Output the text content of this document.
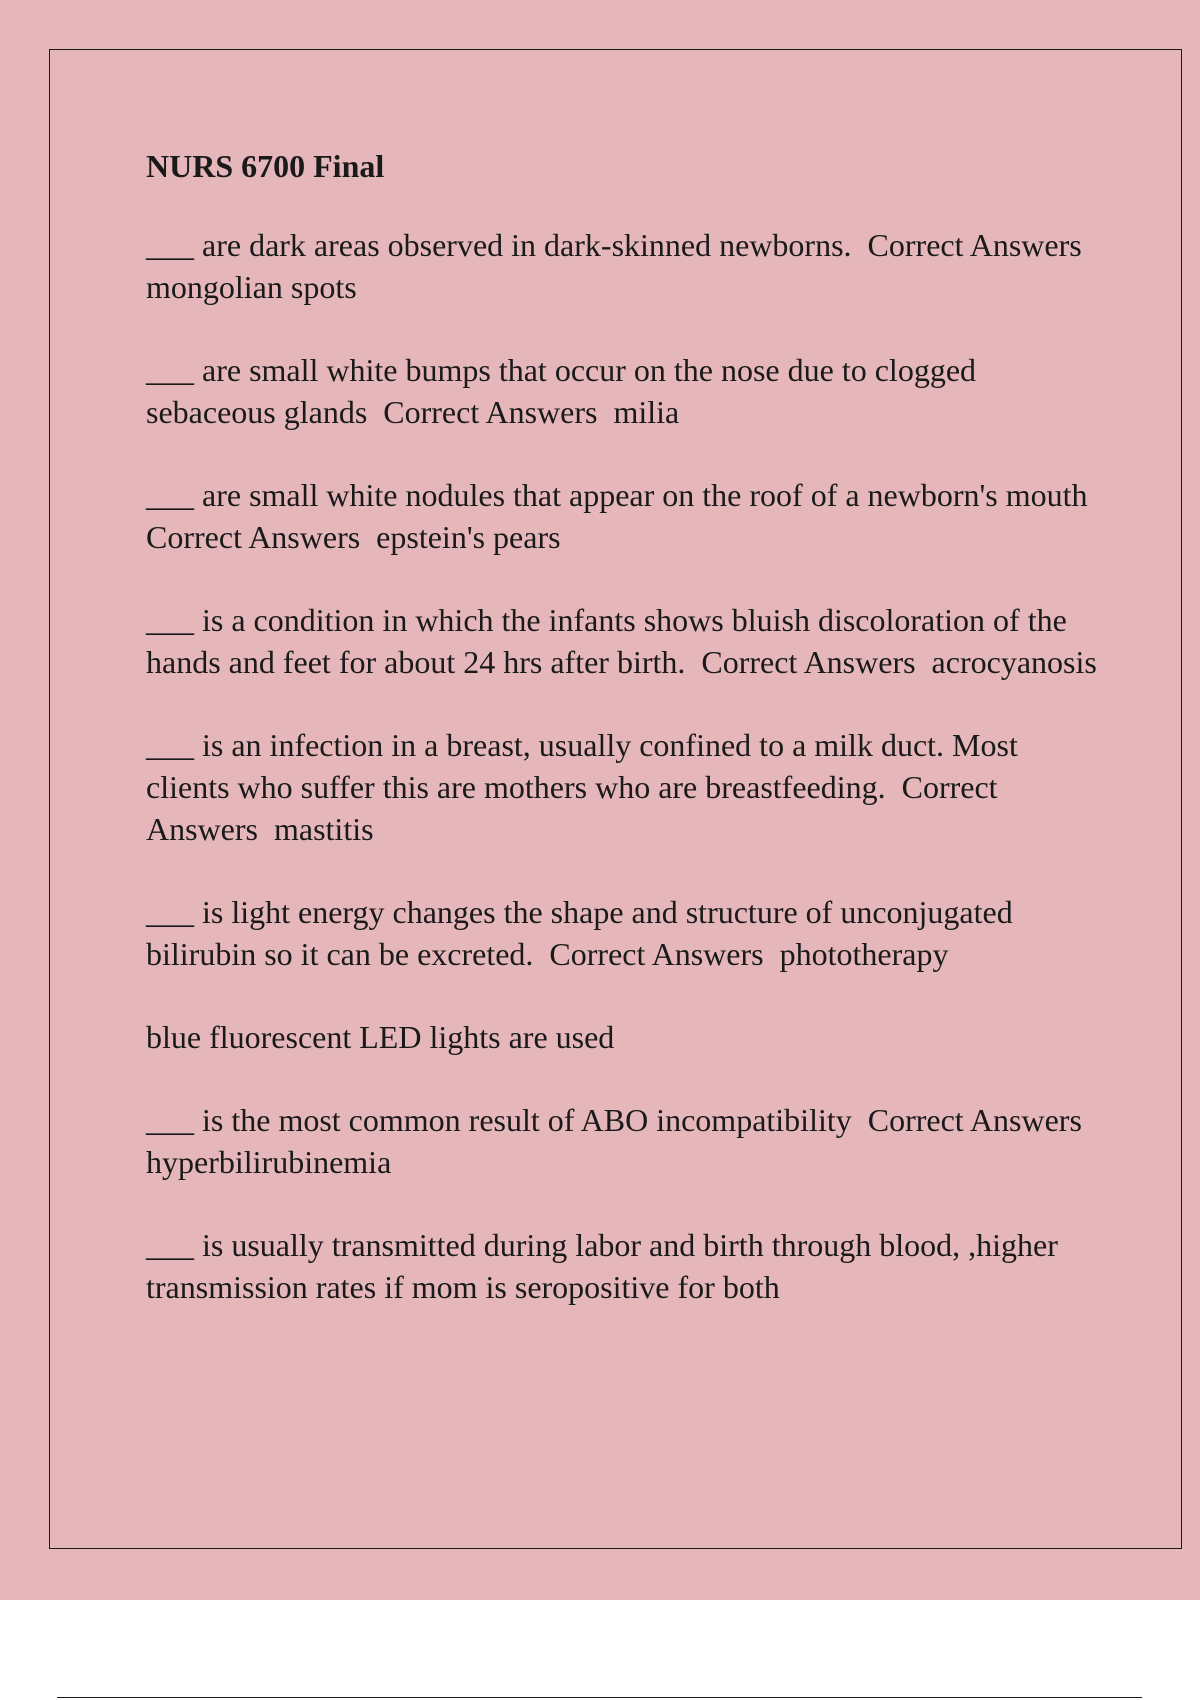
NURS 6700 Final

___ are dark areas observed in dark-skinned newborns.  Correct Answers  mongolian spots

___ are small white bumps that occur on the nose due to clogged sebaceous glands  Correct Answers  milia

___ are small white nodules that appear on the roof of a newborn's mouth  Correct Answers  epstein's pears

___ is a condition in which the infants shows bluish discoloration of the hands and feet for about 24 hrs after birth.  Correct Answers  acrocyanosis

___ is an infection in a breast, usually confined to a milk duct. Most clients who suffer this are mothers who are breastfeeding.  Correct Answers  mastitis

___ is light energy changes the shape and structure of unconjugated bilirubin so it can be excreted.  Correct Answers  phototherapy

blue fluorescent LED lights are used

___ is the most common result of ABO incompatibility  Correct Answers  hyperbilirubinemia

___ is usually transmitted during labor and birth through blood, ,higher transmission rates if mom is seropositive for both
